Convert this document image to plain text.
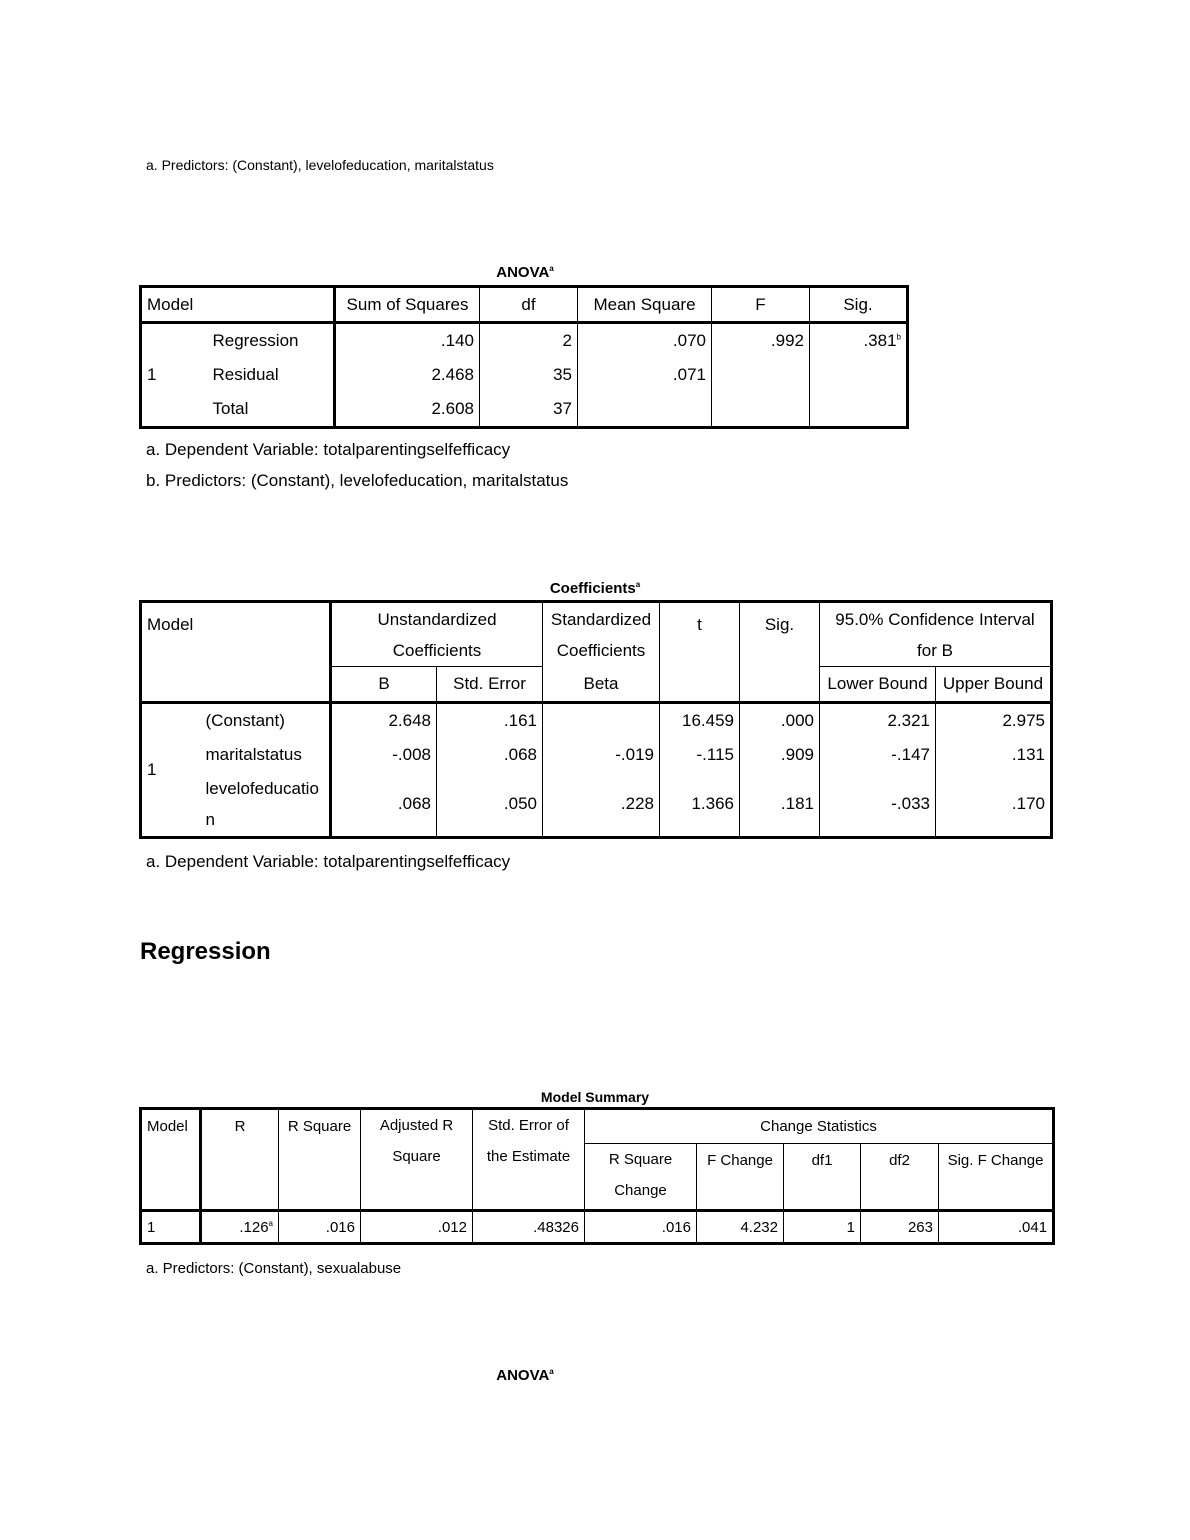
a. Predictors: (Constant), levelofeducation, maritalstatus
ANOVA$^a$
Model		Sum of Squares	df	Mean Square	F	Sig.
1	Regression	.140	2	.070	.992	.381$^b$
	Residual	2.468	35	.071		
	Total	2.608	37			
a. Dependent Variable: totalparentingselfefficacy
b. Predictors: (Constant), levelofeducation, maritalstatus
Coefficients$^a$
Model		Unstandardized Coefficients		Standardized Coefficients	t	Sig.	95.0% Confidence Interval for B	
		B	Std. Error	Beta			Lower Bound	Upper Bound
1	(Constant)	2.648	.161		16.459	.000	2.321	2.975
	maritalstatus	-.008	.068	-.019	-.115	.909	-.147	.131
	levelofeducatio n	.068	.050	.228	1.366	.181	-.033	.170
a. Dependent Variable: totalparentingselfefficacy
Regression
Model Summary
Model	R	R Square	Adjusted R Square	Std. Error of the Estimate	Change Statistics				
					R Square Change	F Change	df1	df2	Sig. F Change
1	.126$^a$	.016	.012	.48326	.016	4.232	1	263	.041
a. Predictors: (Constant), sexualabuse
ANOVA$^a$
